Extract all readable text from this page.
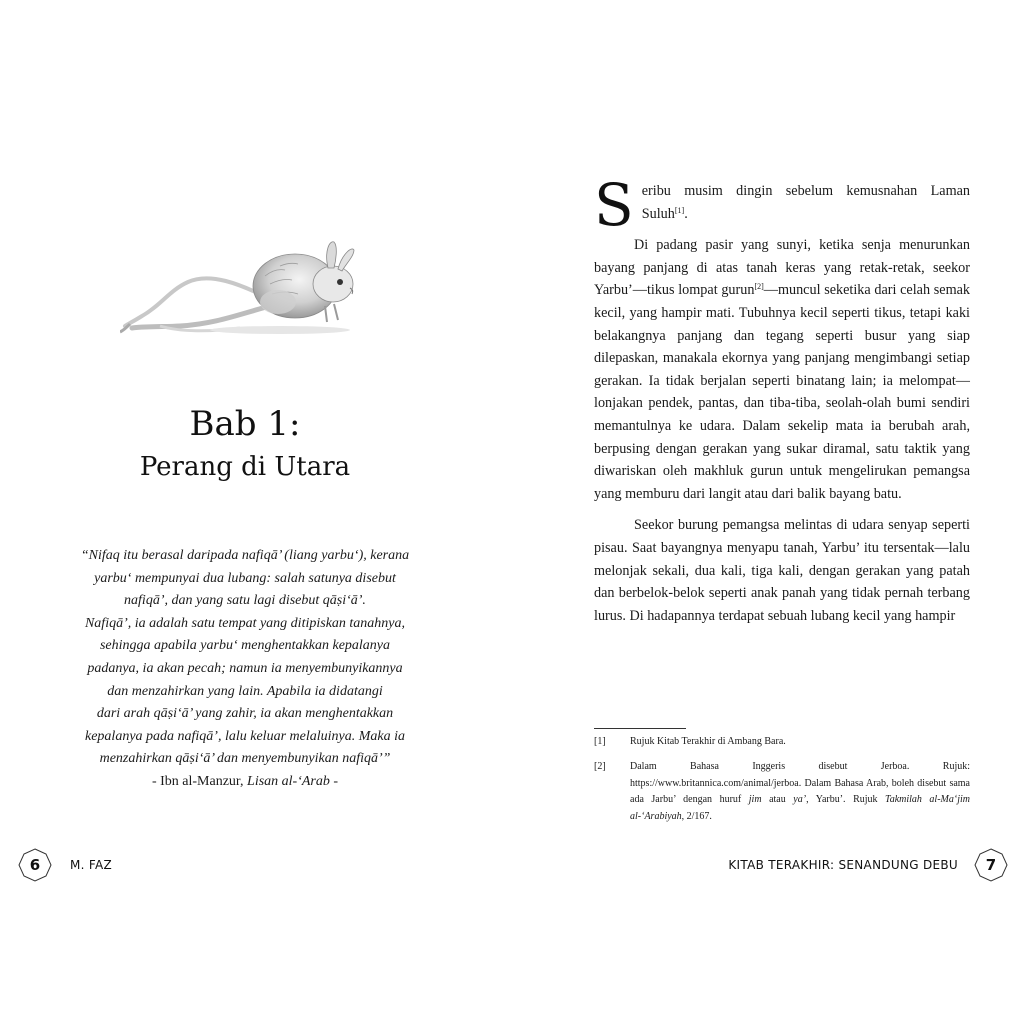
Bab 1:
Perang di Utara
“Nifaq itu berasal daripada nafiqā’ (liang yarbu‘), kerana
yarbu‘ mempunyai dua lubang: salah satunya disebut
nafiqā’, dan yang satu lagi disebut qāṣi‘ā’.
Nafiqā’, ia adalah satu tempat yang ditipiskan tanahnya,
sehingga apabila yarbu‘ menghentakkan kepalanya
padanya, ia akan pecah; namun ia menyembunyikannya
dan menzahirkan yang lain. Apabila ia didatangi
dari arah qāṣi‘ā’ yang zahir, ia akan menghentakkan
kepalanya pada nafiqā’, lalu keluar melaluinya. Maka ia
menzahirkan qāṣi‘ā’ dan menyembunyikan nafiqā’”
- Ibn al-Manzur, Lisan al-‘Arab -
6	M. FAZ

Seribu musim dingin sebelum kemusnahan Laman Suluh[1].

Di padang pasir yang sunyi, ketika senja menurunkan bayang panjang di atas tanah keras yang retak-retak, seekor Yarbu’—tikus lompat gurun[2]—muncul seketika dari celah semak kecil, yang hampir mati. Tubuhnya kecil seperti tikus, tetapi kaki belakangnya panjang dan tegang seperti busur yang siap dilepaskan, manakala ekornya yang panjang mengimbangi setiap gerakan. Ia tidak berjalan seperti binatang lain; ia melompat—lonjakan pendek, pantas, dan tiba-tiba, seolah-olah bumi sendiri memantulnya ke udara. Dalam sekelip mata ia berubah arah, berpusing dengan gerakan yang sukar diramal, satu taktik yang diwariskan oleh makhluk gurun untuk mengelirukan pemangsa yang memburu dari langit atau dari balik bayang batu.

Seekor burung pemangsa melintas di udara senyap seperti pisau. Saat bayangnya menyapu tanah, Yarbu’ itu tersentak—lalu melonjak sekali, dua kali, tiga kali, dengan gerakan yang patah dan berbelok-belok seperti anak panah yang tidak pernah terbang lurus. Di hadapannya terdapat sebuah lubang kecil yang hampir

[1] Rujuk Kitab Terakhir di Ambang Bara.
[2] Dalam Bahasa Inggeris disebut Jerboa. Rujuk: https://www.britannica.com/animal/jerboa. Dalam Bahasa Arab, boleh disebut sama ada Jarbu’ dengan huruf jim atau ya’, Yarbu’. Rujuk Takmilah al-Ma‘jim al-‘Arabiyah, 2/167.
KITAB TERAKHIR: SENANDUNG DEBU	7
